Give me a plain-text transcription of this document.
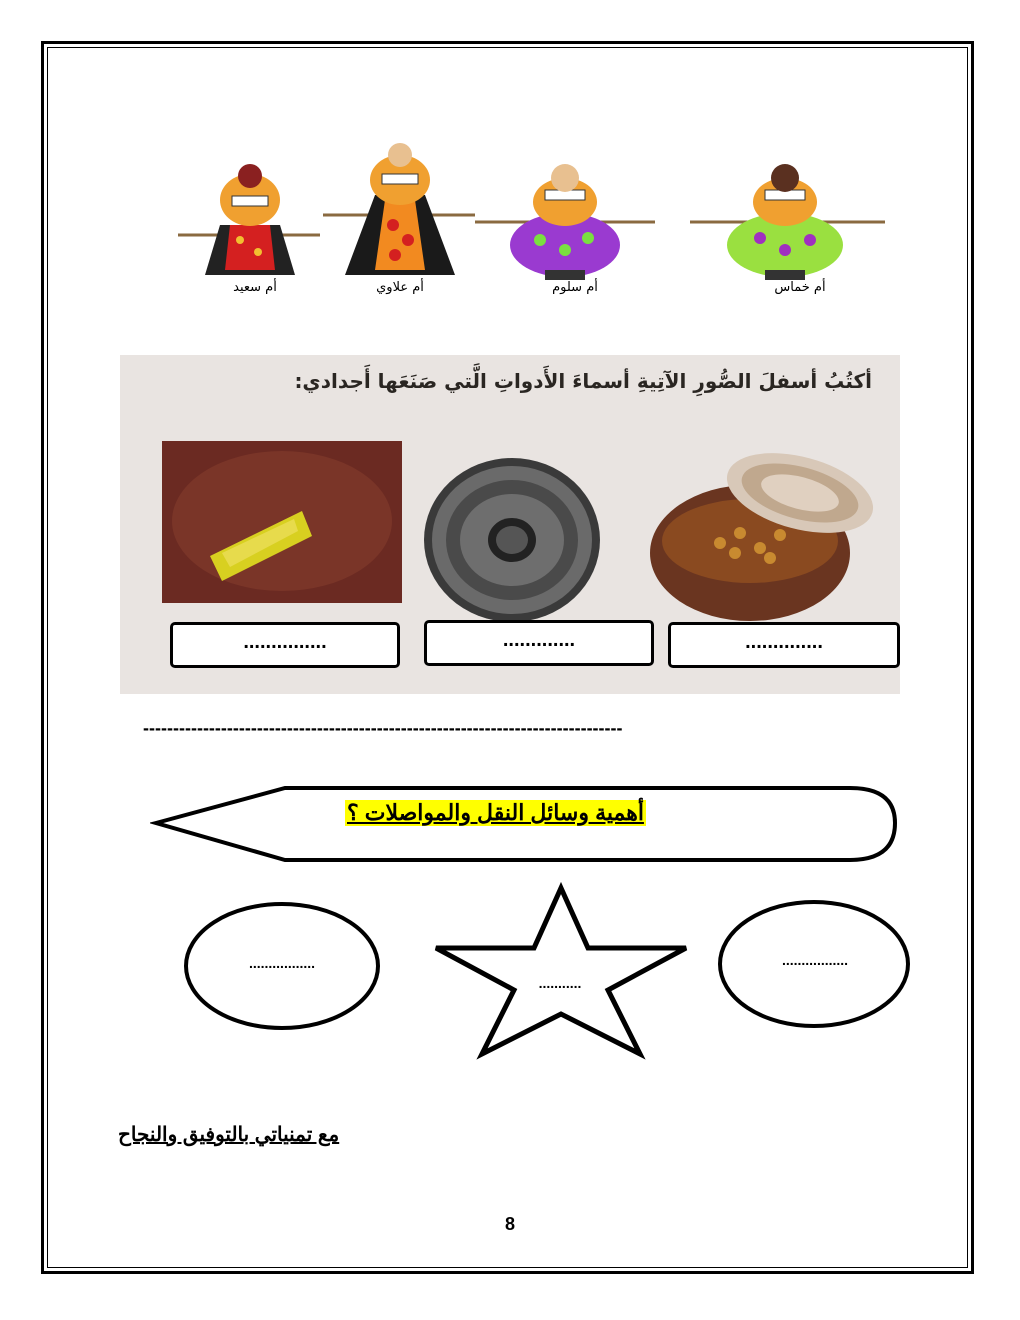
أم سعيد	أم علاوي	أم سلوم	أم خماس
أكتُبُ أسفلَ الصُّورِ الآتِيةِ أسماءَ الأَدواتِ الَّتي صَنَعَها أَجدادي:
...............	.............	..............
--------------------------------------------------------------------------------
أهمية وسائل النقل والمواصلات ؟
.................
...........
.................
مع تمنياتي بالتوفيق والنجاح
8
